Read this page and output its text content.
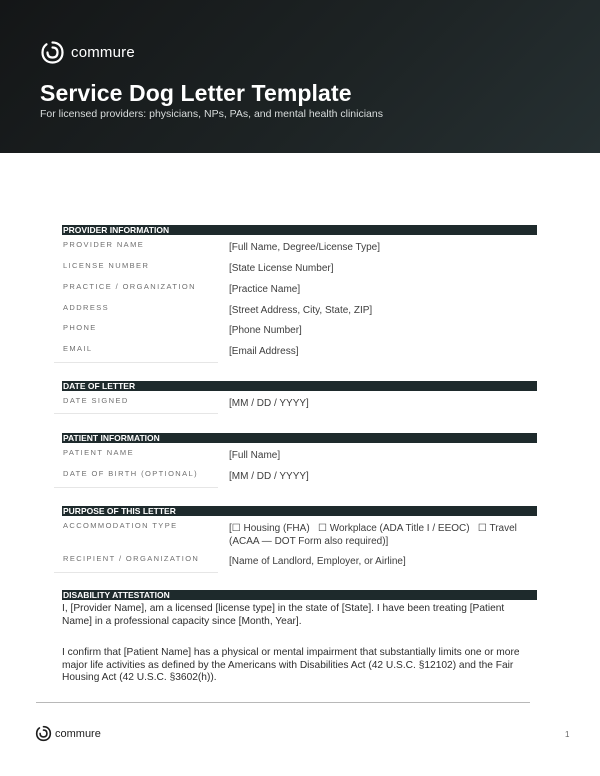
commure
Service Dog Letter Template
For licensed providers: physicians, NPs, PAs, and mental health clinicians
PROVIDER INFORMATION
PROVIDER NAME	[Full Name, Degree/License Type]
LICENSE NUMBER	[State License Number]
PRACTICE / ORGANIZATION	[Practice Name]
ADDRESS	[Street Address, City, State, ZIP]
PHONE	[Phone Number]
EMAIL	[Email Address]
DATE OF LETTER
DATE SIGNED	[MM / DD / YYYY]
PATIENT INFORMATION
PATIENT NAME	[Full Name]
DATE OF BIRTH (OPTIONAL)	[MM / DD / YYYY]
PURPOSE OF THIS LETTER
ACCOMMODATION TYPE	[☐ Housing (FHA)   ☐ Workplace (ADA Title I / EEOC)   ☐ Travel
(ACAA — DOT Form also required)]
RECIPIENT / ORGANIZATION	[Name of Landlord, Employer, or Airline]
DISABILITY ATTESTATION
I, [Provider Name], am a licensed [license type] in the state of [State]. I have been treating [Patient Name] in a professional capacity since [Month, Year].
I confirm that [Patient Name] has a physical or mental impairment that substantially limits one or more major life activities as defined by the Americans with Disabilities Act (42 U.S.C. §12102) and the Fair Housing Act (42 U.S.C. §3602(h)).
commure	1
